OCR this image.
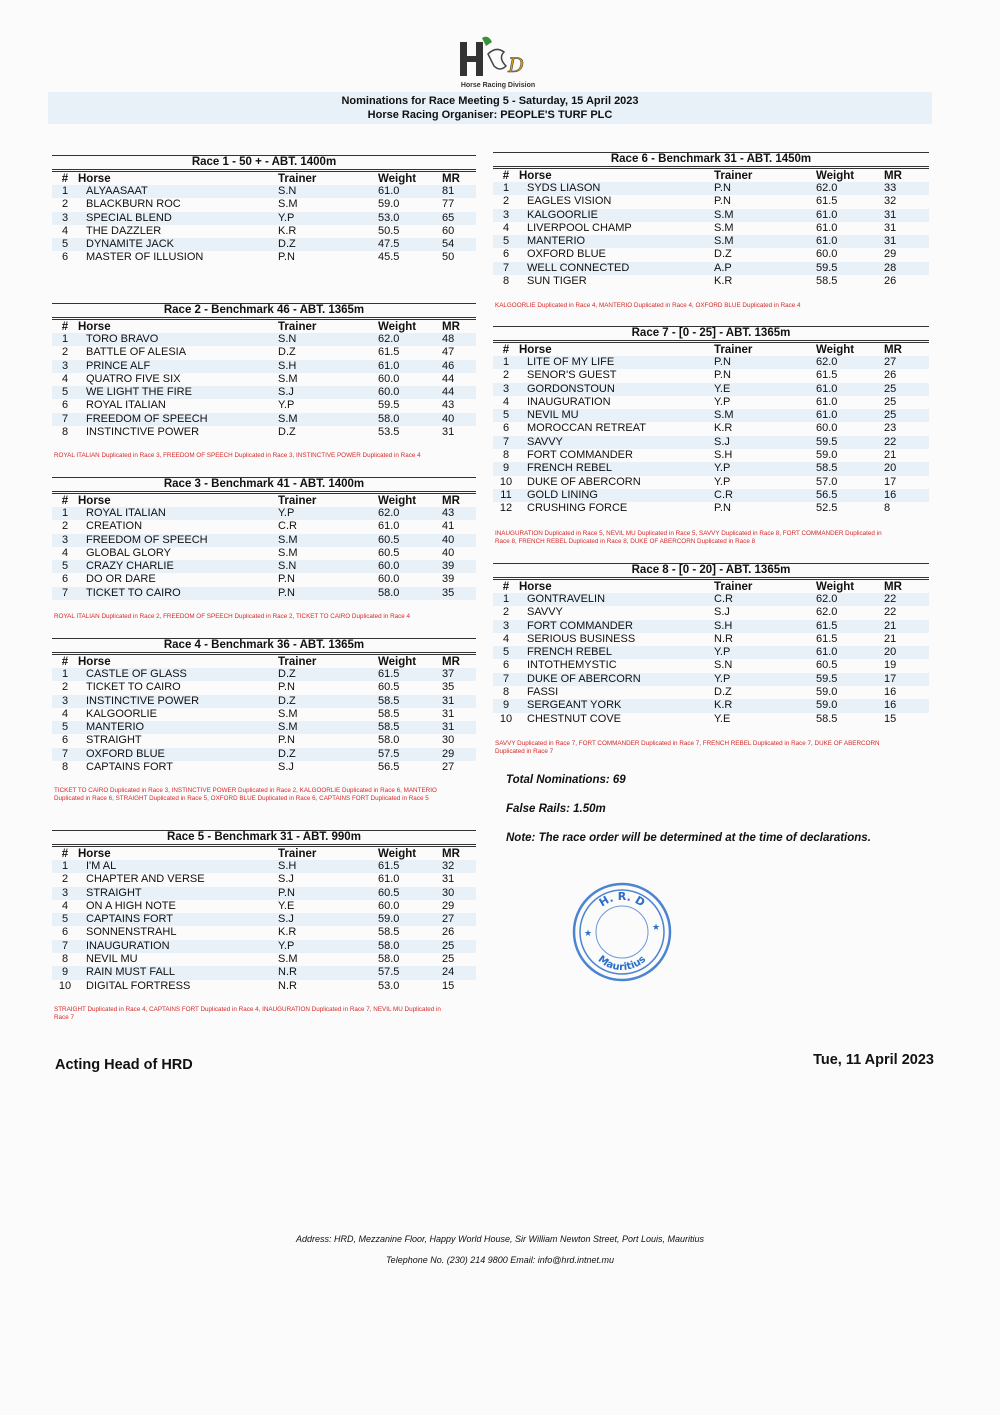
D
Horse Racing Division
Nominations for Race Meeting 5 - Saturday, 15 April 2023
Horse Racing Organiser: PEOPLE'S TURF PLC
Race 1 - 50 + - ABT. 1400m
#	Horse	Trainer	Weight	MR
1	ALYAASAAT	S.N	61.0	81
2	BLACKBURN ROC	S.M	59.0	77
3	SPECIAL BLEND	Y.P	53.0	65
4	THE DAZZLER	K.R	50.5	60
5	DYNAMITE JACK	D.Z	47.5	54
6	MASTER OF ILLUSION	P.N	45.5	50
Race 2 - Benchmark 46 - ABT. 1365m
#	Horse	Trainer	Weight	MR
1	TORO BRAVO	S.N	62.0	48
2	BATTLE OF ALESIA	D.Z	61.5	47
3	PRINCE ALF	S.H	61.0	46
4	QUATRO FIVE SIX	S.M	60.0	44
5	WE LIGHT THE FIRE	S.J	60.0	44
6	ROYAL ITALIAN	Y.P	59.5	43
7	FREEDOM OF SPEECH	S.M	58.0	40
8	INSTINCTIVE POWER	D.Z	53.5	31
ROYAL ITALIAN Duplicated in Race 3, FREEDOM OF SPEECH Duplicated in Race 3, INSTINCTIVE POWER Duplicated in Race 4
Race 3 - Benchmark 41 - ABT. 1400m
#	Horse	Trainer	Weight	MR
1	ROYAL ITALIAN	Y.P	62.0	43
2	CREATION	C.R	61.0	41
3	FREEDOM OF SPEECH	S.M	60.5	40
4	GLOBAL GLORY	S.M	60.5	40
5	CRAZY CHARLIE	S.N	60.0	39
6	DO OR DARE	P.N	60.0	39
7	TICKET TO CAIRO	P.N	58.0	35
ROYAL ITALIAN Duplicated in Race 2, FREEDOM OF SPEECH Duplicated in Race 2, TICKET TO CAIRO Duplicated in Race 4
Race 4 - Benchmark 36 - ABT. 1365m
#	Horse	Trainer	Weight	MR
1	CASTLE OF GLASS	D.Z	61.5	37
2	TICKET TO CAIRO	P.N	60.5	35
3	INSTINCTIVE POWER	D.Z	58.5	31
4	KALGOORLIE	S.M	58.5	31
5	MANTERIO	S.M	58.5	31
6	STRAIGHT	P.N	58.0	30
7	OXFORD BLUE	D.Z	57.5	29
8	CAPTAINS FORT	S.J	56.5	27
TICKET TO CAIRO Duplicated in Race 3, INSTINCTIVE POWER Duplicated in Race 2, KALGOORLIE Duplicated in Race 6, MANTERIO Duplicated in Race 6, STRAIGHT Duplicated in Race 5, OXFORD BLUE Duplicated in Race 6, CAPTAINS FORT Duplicated in Race 5
Race 5 - Benchmark 31 - ABT. 990m
#	Horse	Trainer	Weight	MR
1	I'M AL	S.H	61.5	32
2	CHAPTER AND VERSE	S.J	61.0	31
3	STRAIGHT	P.N	60.5	30
4	ON A HIGH NOTE	Y.E	60.0	29
5	CAPTAINS FORT	S.J	59.0	27
6	SONNENSTRAHL	K.R	58.5	26
7	INAUGURATION	Y.P	58.0	25
8	NEVIL MU	S.M	58.0	25
9	RAIN MUST FALL	N.R	57.5	24
10	DIGITAL FORTRESS	N.R	53.0	15
STRAIGHT Duplicated in Race 4, CAPTAINS FORT Duplicated in Race 4, INAUGURATION Duplicated in Race 7, NEVIL MU Duplicated in Race 7
Race 6 - Benchmark 31 - ABT. 1450m
#	Horse	Trainer	Weight	MR
1	SYDS LIASON	P.N	62.0	33
2	EAGLES VISION	P.N	61.5	32
3	KALGOORLIE	S.M	61.0	31
4	LIVERPOOL CHAMP	S.M	61.0	31
5	MANTERIO	S.M	61.0	31
6	OXFORD BLUE	D.Z	60.0	29
7	WELL CONNECTED	A.P	59.5	28
8	SUN TIGER	K.R	58.5	26
KALGOORLIE Duplicated in Race 4, MANTERIO Duplicated in Race 4, OXFORD BLUE Duplicated in Race 4
Race 7 - [0 - 25] - ABT. 1365m
#	Horse	Trainer	Weight	MR
1	LITE OF MY LIFE	P.N	62.0	27
2	SENOR'S GUEST	P.N	61.5	26
3	GORDONSTOUN	Y.E	61.0	25
4	INAUGURATION	Y.P	61.0	25
5	NEVIL MU	S.M	61.0	25
6	MOROCCAN RETREAT	K.R	60.0	23
7	SAVVY	S.J	59.5	22
8	FORT COMMANDER	S.H	59.0	21
9	FRENCH REBEL	Y.P	58.5	20
10	DUKE OF ABERCORN	Y.P	57.0	17
11	GOLD LINING	C.R	56.5	16
12	CRUSHING FORCE	P.N	52.5	8
INAUGURATION Duplicated in Race 5, NEVIL MU Duplicated in Race 5, SAVVY Duplicated in Race 8, FORT COMMANDER Duplicated in Race 8, FRENCH REBEL Duplicated in Race 8, DUKE OF ABERCORN Duplicated in Race 8
Race 8 - [0 - 20] - ABT. 1365m
#	Horse	Trainer	Weight	MR
1	GONTRAVELIN	C.R	62.0	22
2	SAVVY	S.J	62.0	22
3	FORT COMMANDER	S.H	61.5	21
4	SERIOUS BUSINESS	N.R	61.5	21
5	FRENCH REBEL	Y.P	61.0	20
6	INTOTHEMYSTIC	S.N	60.5	19
7	DUKE OF ABERCORN	Y.P	59.5	17
8	FASSI	D.Z	59.0	16
9	SERGEANT YORK	K.R	59.0	16
10	CHESTNUT COVE	Y.E	58.5	15
SAVVY Duplicated in Race 7, FORT COMMANDER Duplicated in Race 7, FRENCH REBEL Duplicated in Race 7, DUKE OF ABERCORN Duplicated in Race 7
Total Nominations: 69
False Rails: 1.50m
Note: The race order will be determined at the time of declarations.
H. R. D
Mauritius
★
★
Acting Head of HRD	Tue, 11 April 2023
Address: HRD, Mezzanine Floor, Happy World House, Sir William Newton Street, Port Louis, Mauritius
Telephone No. (230) 214 9800 Email: info@hrd.intnet.mu
